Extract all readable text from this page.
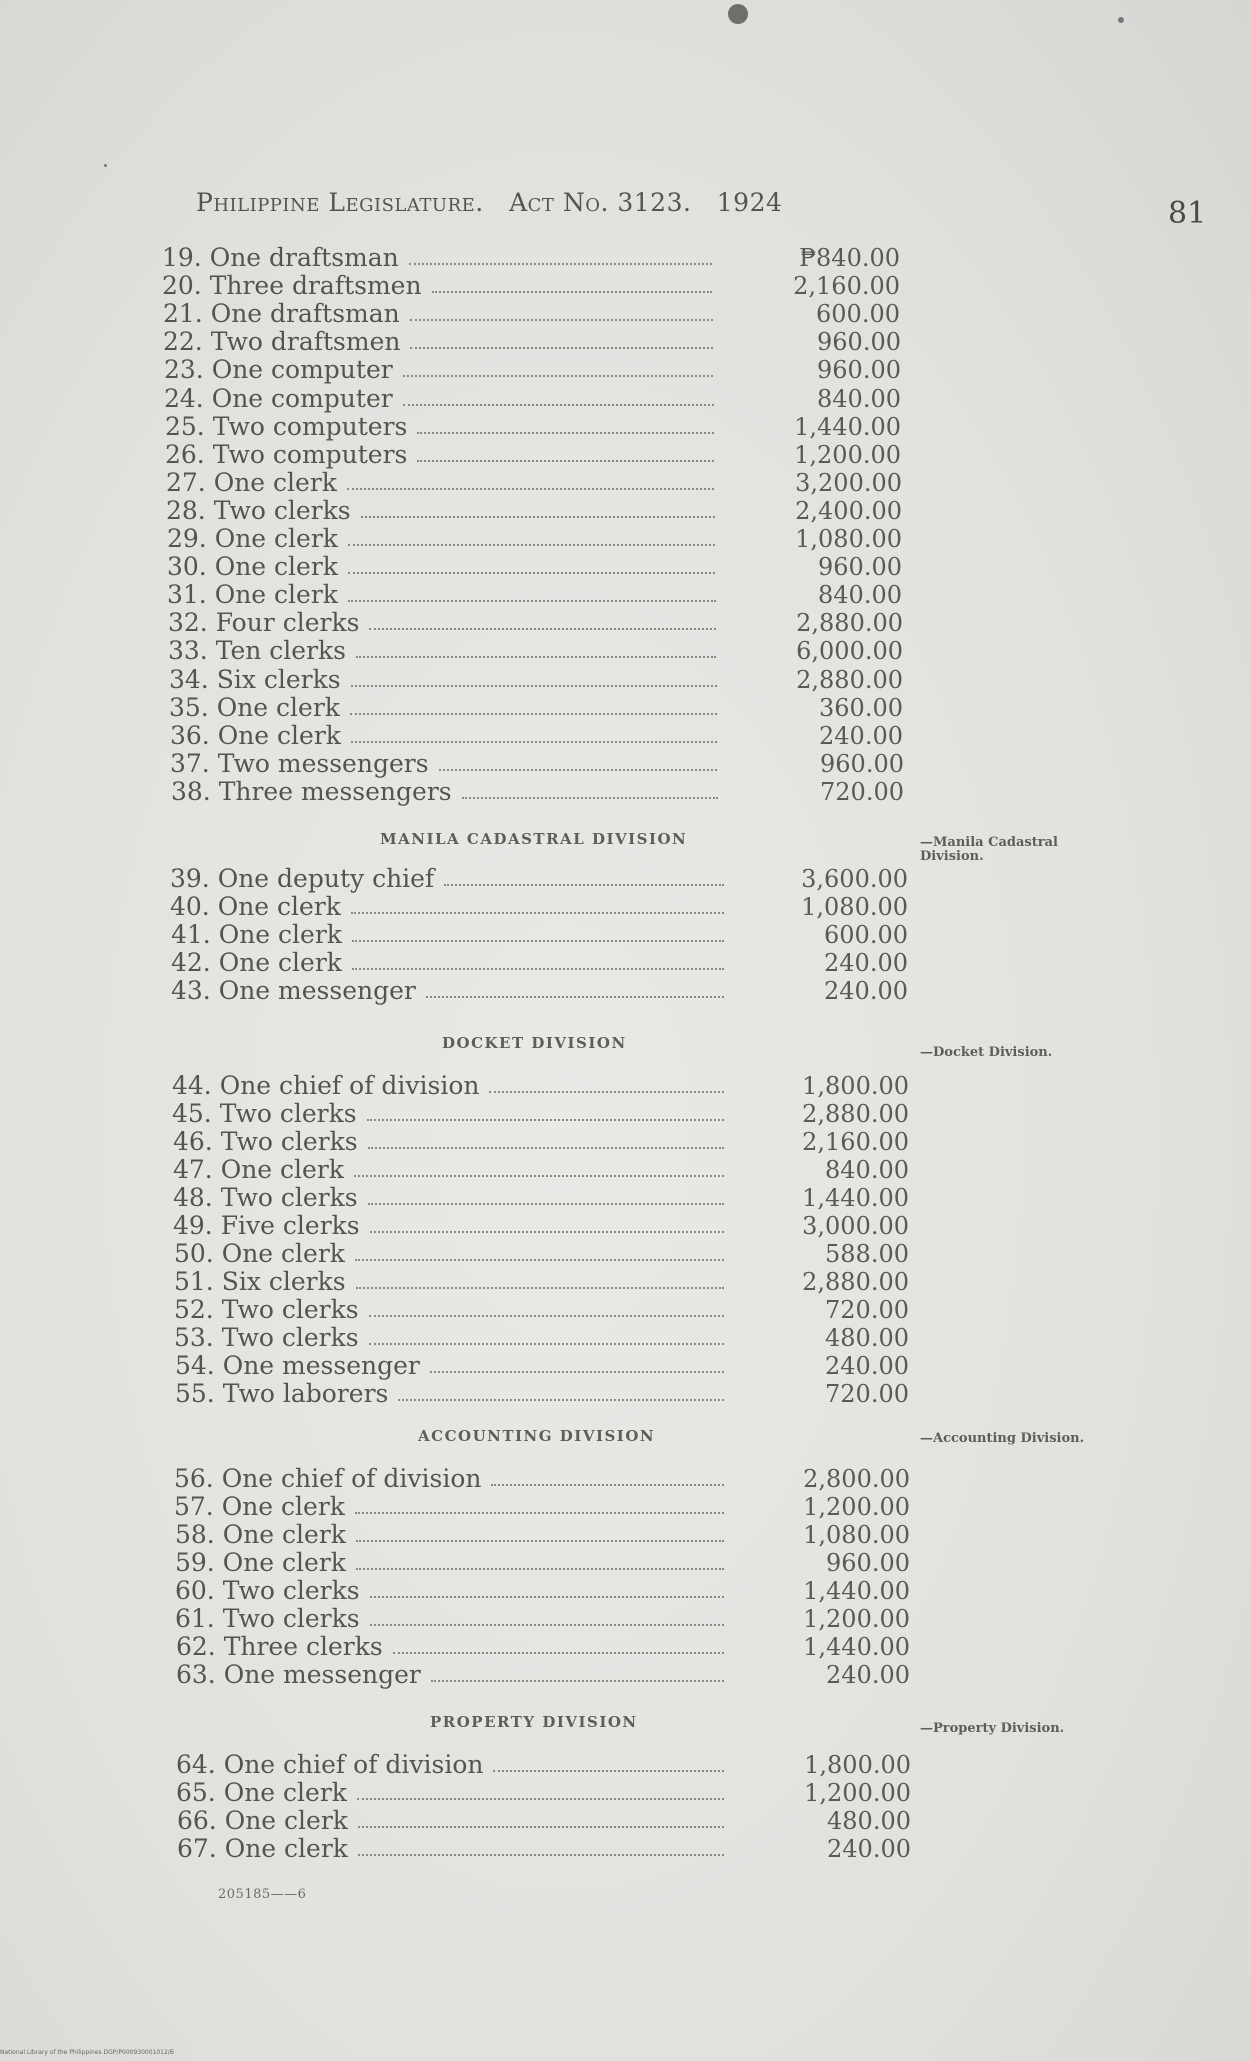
Philippine Legislature. Act No. 3123. 1924	81
19. One draftsman	₱840.00
20. Three draftsmen	2,160.00
21. One draftsman	600.00
22. Two draftsmen	960.00
23. One computer	960.00
24. One computer	840.00
25. Two computers	1,440.00
26. Two computers	1,200.00
27. One clerk	3,200.00
28. Two clerks	2,400.00
29. One clerk	1,080.00
30. One clerk	960.00
31. One clerk	840.00
32. Four clerks	2,880.00
33. Ten clerks	6,000.00
34. Six clerks	2,880.00
35. One clerk	360.00
36. One clerk	240.00
37. Two messengers	960.00
38. Three messengers	720.00
MANILA CADASTRAL DIVISION	—Manila Cadastral Division.
39. One deputy chief	3,600.00
40. One clerk	1,080.00
41. One clerk	600.00
42. One clerk	240.00
43. One messenger	240.00
DOCKET DIVISION
—Docket Division.
44. One chief of division	1,800.00
45. Two clerks	2,880.00
46. Two clerks	2,160.00
47. One clerk	840.00
48. Two clerks	1,440.00
49. Five clerks	3,000.00
50. One clerk	588.00
51. Six clerks	2,880.00
52. Two clerks	720.00
53. Two clerks	480.00
54. One messenger	240.00
55. Two laborers	720.00
ACCOUNTING DIVISION	—Accounting Division.
56. One chief of division	2,800.00
57. One clerk	1,200.00
58. One clerk	1,080.00
59. One clerk	960.00
60. Two clerks	1,440.00
61. Two clerks	1,200.00
62. Three clerks	1,440.00
63. One messenger	240.00
PROPERTY DIVISION	—Property Division.
64. One chief of division	1,800.00
65. One clerk	1,200.00
66. One clerk	480.00
67. One clerk	240.00
205185——6
National Library of the Philippines DGP/P000930001012/B
